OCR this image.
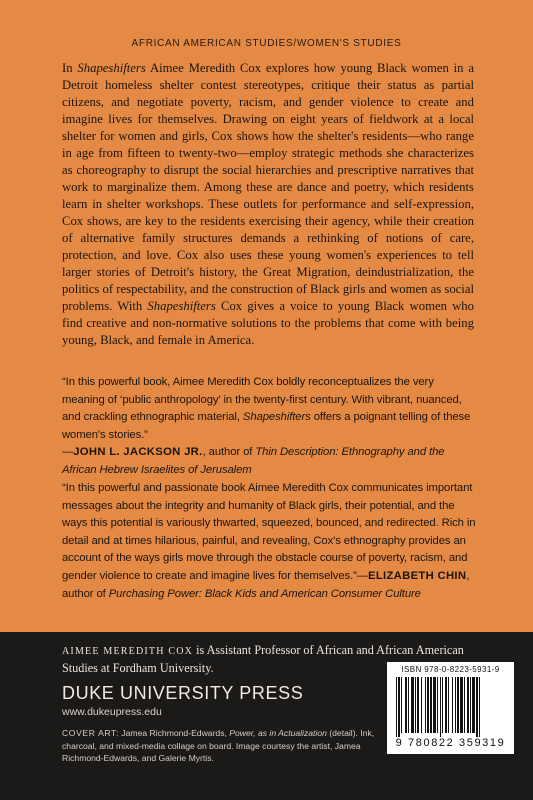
AFRICAN AMERICAN STUDIES/WOMEN'S STUDIES

In Shapeshifters Aimee Meredith Cox explores how young Black women in a Detroit homeless shelter contest stereotypes, critique their status as partial citizens, and negotiate poverty, racism, and gender violence to create and imagine lives for themselves. Drawing on eight years of fieldwork at a local shelter for women and girls, Cox shows how the shelter's residents—who range in age from fifteen to twenty-two—employ strategic methods she characterizes as choreography to disrupt the social hierarchies and prescriptive narratives that work to marginalize them. Among these are dance and poetry, which residents learn in shelter workshops. These outlets for performance and self-expression, Cox shows, are key to the residents exercising their agency, while their creation of alternative family structures demands a rethinking of notions of care, protection, and love. Cox also uses these young women's experiences to tell larger stories of Detroit's history, the Great Migration, deindustrialization, the politics of respectability, and the construction of Black girls and women as social problems. With Shapeshifters Cox gives a voice to young Black women who find creative and non-normative solutions to the problems that come with being young, Black, and female in America.

“In this powerful book, Aimee Meredith Cox boldly reconceptualizes the very meaning of ‘public anthropology’ in the twenty-first century. With vibrant, nuanced, and crackling ethnographic material, Shapeshifters offers a poignant telling of these women's stories.”
—JOHN L. JACKSON JR., author of Thin Description: Ethnography and the African Hebrew Israelites of Jerusalem

“In this powerful and passionate book Aimee Meredith Cox communicates important messages about the integrity and humanity of Black girls, their potential, and the ways this potential is variously thwarted, squeezed, bounced, and redirected. Rich in detail and at times hilarious, painful, and revealing, Cox's ethnography provides an account of the ways girls move through the obstacle course of poverty, racism, and gender violence to create and imagine lives for themselves.”—ELIZABETH CHIN, author of Purchasing Power: Black Kids and American Consumer Culture

AIMEE MEREDITH COX is Assistant Professor of African and African American Studies at Fordham University.

DUKE UNIVERSITY PRESS
www.dukeupress.edu

COVER ART: Jamea Richmond-Edwards, Power, as in Actualization (detail). Ink, charcoal, and mixed-media collage on board. Image courtesy the artist, Jamea Richmond-Edwards, and Galerie Myrtis.

ISBN 978-0-8223-5931-9
9 780822 359319
